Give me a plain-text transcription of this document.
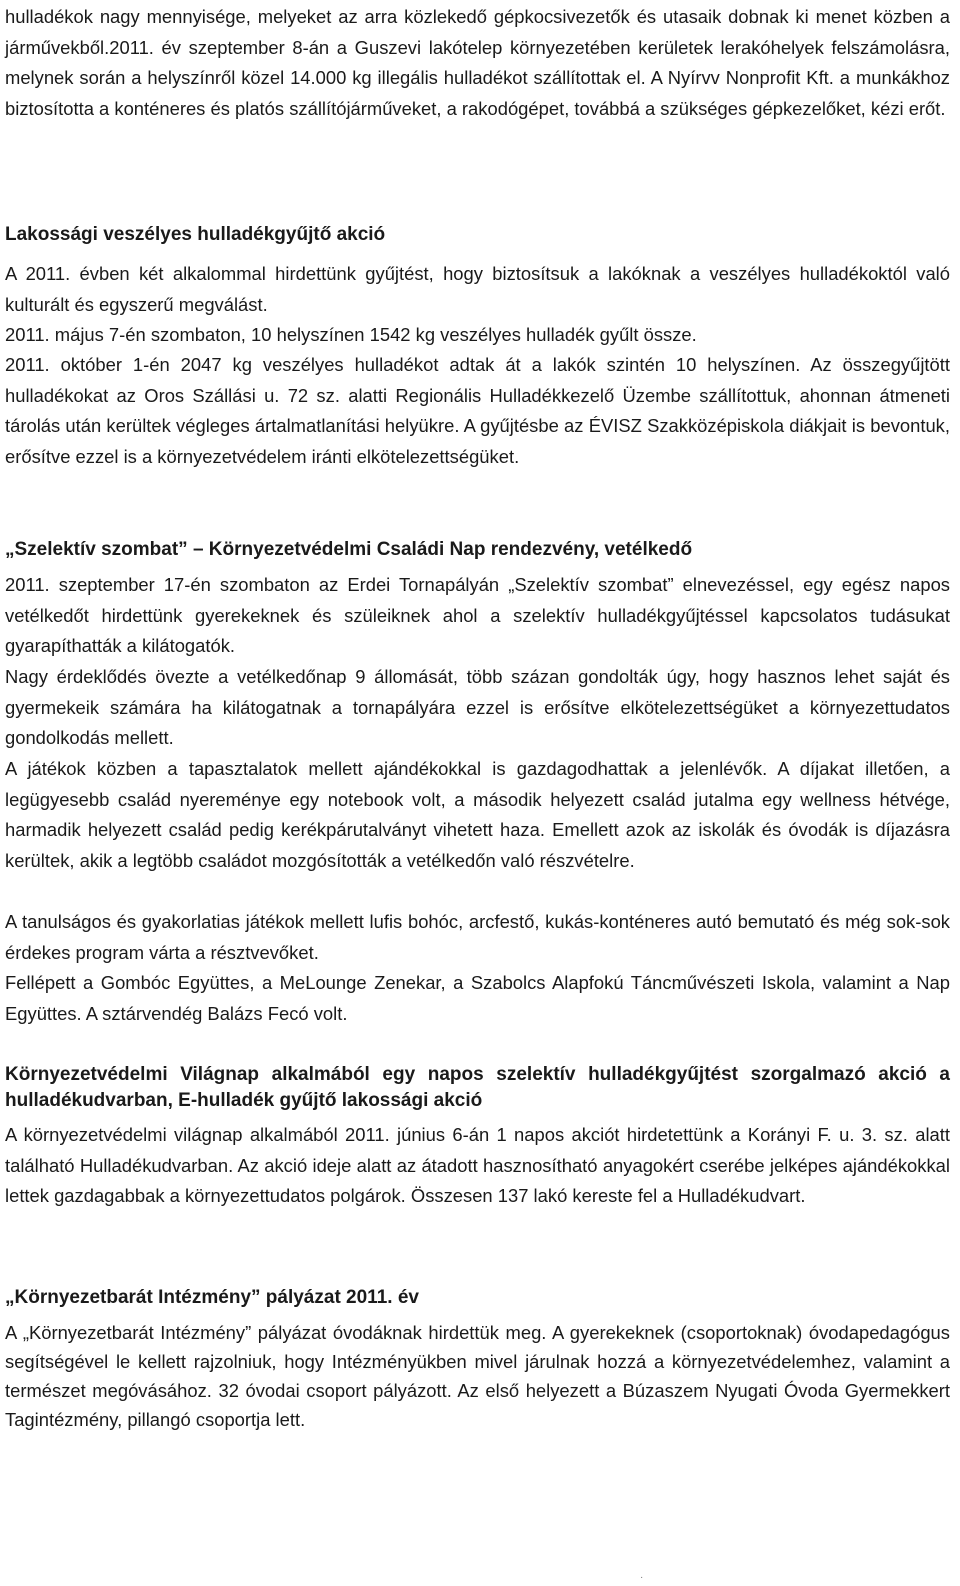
hulladékok nagy mennyisége, melyeket az arra közlekedő gépkocsivezetők és utasaik dobnak ki menet közben a járművekből.2011. év szeptember 8-án a Guszevi lakótelep környezetében kerületek lerakóhelyek felszámolásra, melynek során a helyszínről közel 14.000 kg illegális hulladékot szállítottak el. A Nyírvv Nonprofit Kft. a munkákhoz biztosította a konténeres és platós szállítójárműveket, a rakodógépet, továbbá a szükséges gépkezelőket, kézi erőt.

Lakossági veszélyes hulladékgyűjtő akció

A 2011. évben két alkalommal hirdettünk gyűjtést, hogy biztosítsuk a lakóknak a veszélyes hulladékoktól való kulturált és egyszerű megválást.

2011. május 7-én szombaton, 10 helyszínen 1542 kg veszélyes hulladék gyűlt össze.

2011. október 1-én 2047 kg veszélyes hulladékot adtak át a lakók szintén 10 helyszínen. Az összegyűjtött hulladékokat az Oros Szállási u. 72 sz. alatti Regionális Hulladékkezelő Üzembe szállítottuk, ahonnan átmeneti tárolás után kerültek végleges ártalmatlanítási helyükre. A gyűjtésbe az ÉVISZ Szakközépiskola diákjait is bevontuk, erősítve ezzel is a környezetvédelem iránti elkötelezettségüket.

„Szelektív szombat” – Környezetvédelmi Családi Nap rendezvény, vetélkedő

2011. szeptember 17-én szombaton az Erdei Tornapályán „Szelektív szombat” elnevezéssel, egy egész napos vetélkedőt hirdettünk gyerekeknek és szüleiknek ahol a szelektív hulladékgyűjtéssel kapcsolatos tudásukat gyarapíthatták a kilátogatók.

Nagy érdeklődés övezte a vetélkedőnap 9 állomását, több százan gondolták úgy, hogy hasznos lehet saját és gyermekeik számára ha kilátogatnak a tornapályára ezzel is erősítve elkötelezettségüket a környezettudatos gondolkodás mellett.

A játékok közben a tapasztalatok mellett ajándékokkal is gazdagodhattak a jelenlévők. A díjakat illetően, a legügyesebb család nyereménye egy notebook volt, a második helyezett család jutalma egy wellness hétvége, harmadik helyezett család pedig kerékpárutalványt vihetett haza. Emellett azok az iskolák és óvodák is díjazásra kerültek, akik a legtöbb családot mozgósították a vetélkedőn való részvételre.

A tanulságos és gyakorlatias játékok mellett lufis bohóc, arcfestő, kukás-konténeres autó bemutató és még sok-sok érdekes program várta a résztvevőket.

Fellépett a Gombóc Együttes, a MeLounge Zenekar, a Szabolcs Alapfokú Táncművészeti Iskola, valamint a Nap Együttes. A sztárvendég Balázs Fecó volt.

Környezetvédelmi Világnap alkalmából egy napos szelektív hulladékgyűjtést szorgalmazó akció a hulladékudvarban, E-hulladék gyűjtő lakossági akció

A környezetvédelmi világnap alkalmából 2011. június 6-án 1 napos akciót hirdetettünk a Korányi F. u. 3. sz. alatt található Hulladékudvarban. Az akció ideje alatt az átadott hasznosítható anyagokért cserébe jelképes ajándékokkal lettek gazdagabbak a környezettudatos polgárok. Összesen 137 lakó kereste fel a Hulladékudvart.

„Környezetbarát Intézmény” pályázat 2011. év

A „Környezetbarát Intézmény” pályázat óvodáknak hirdettük meg. A gyerekeknek (csoportoknak) óvodapedagógus segítségével le kellett rajzolniuk, hogy Intézményükben mivel járulnak hozzá a környezetvédelemhez, valamint a természet megóvásához. 32 óvodai csoport pályázott. Az első helyezett a Búzaszem Nyugati Óvoda Gyermekkert Tagintézmény, pillangó csoportja lett.

·
